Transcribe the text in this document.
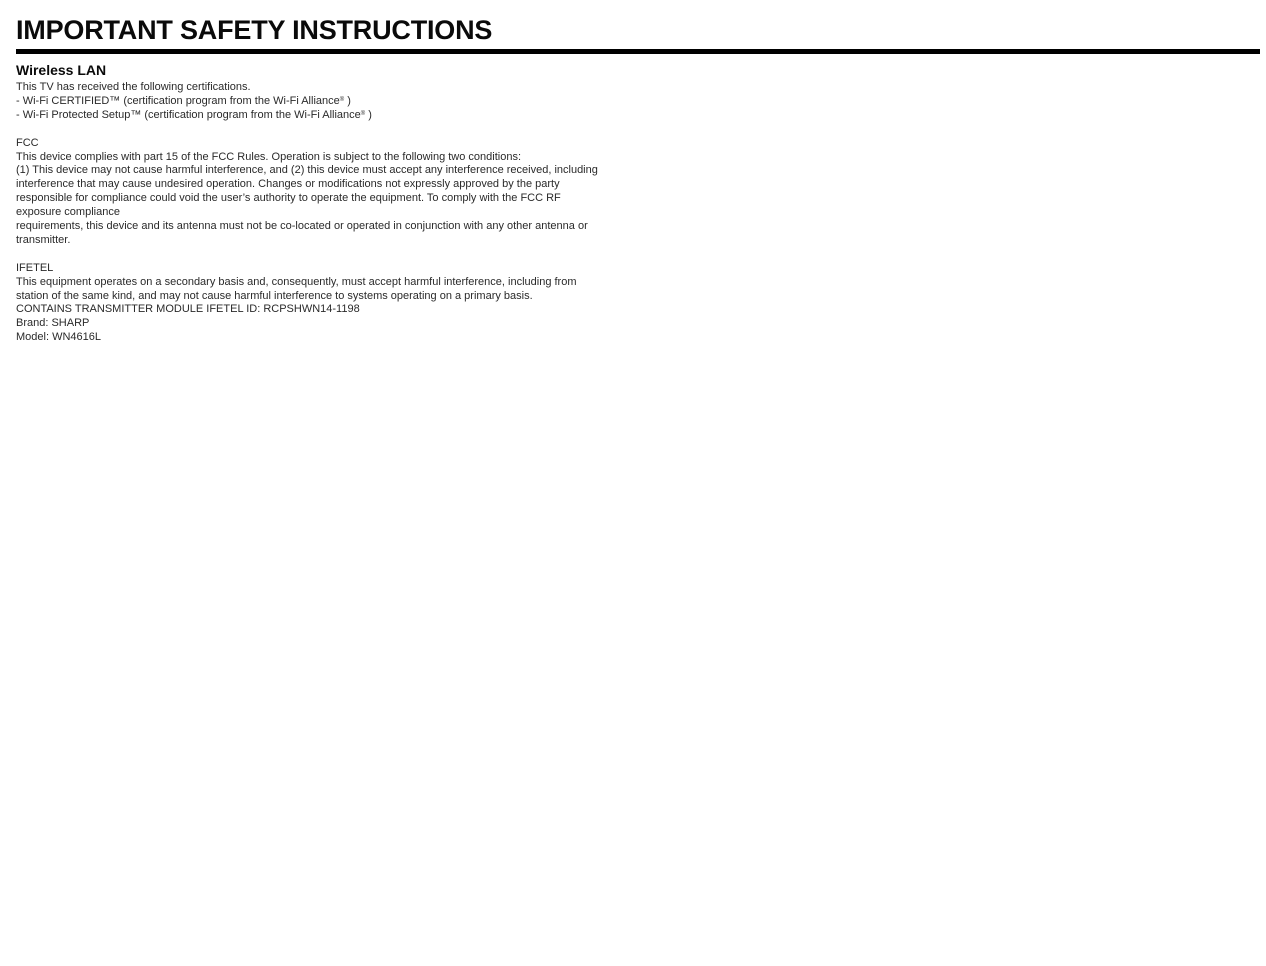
IMPORTANT SAFETY INSTRUCTIONS
Wireless LAN
This TV has received the following certifications.
- Wi-Fi CERTIFIED™ (certification program from the Wi-Fi Alliance® )
- Wi-Fi Protected Setup™ (certification program from the Wi-Fi Alliance® )
FCC
This device complies with part 15 of the FCC Rules. Operation is subject to the following two conditions:
(1) This device may not cause harmful interference, and (2) this device must accept any interference received, including
interference that may cause undesired operation. Changes or modifications not expressly approved by the party
responsible for compliance could void the user’s authority to operate the equipment. To comply with the FCC RF
exposure compliance
requirements, this device and its antenna must not be co-located or operated in conjunction with any other antenna or
transmitter.
IFETEL
This equipment operates on a secondary basis and, consequently, must accept harmful interference, including from
station of the same kind, and may not cause harmful interference to systems operating on a primary basis.
CONTAINS TRANSMITTER MODULE IFETEL ID: RCPSHWN14-1198
Brand: SHARP
Model: WN4616L
